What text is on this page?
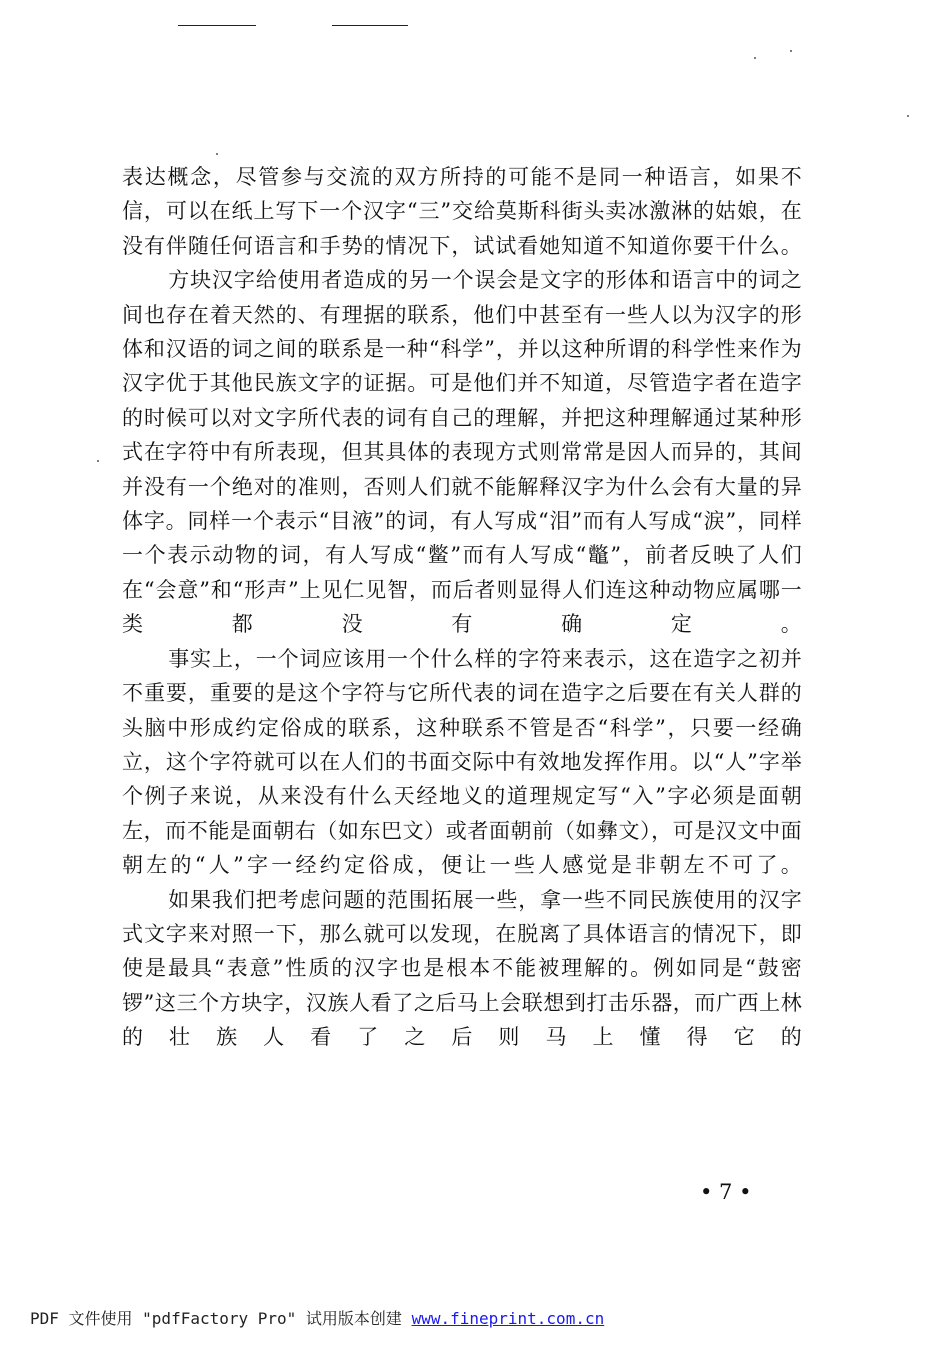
表达概念，尽管参与交流的双方所持的可能不是同一种语言，如果不信，可以在纸上写下一个汉字“三”交给莫斯科街头卖冰激淋的姑娘，在没有伴随任何语言和手势的情况下，试试看她知道不知道你要干什么。

方块汉字给使用者造成的另一个误会是文字的形体和语言中的词之间也存在着天然的、有理据的联系，他们中甚至有一些人以为汉字的形体和汉语的词之间的联系是一种“科学”，并以这种所谓的科学性来作为汉字优于其他民族文字的证据。可是他们并不知道，尽管造字者在造字的时候可以对文字所代表的词有自己的理解，并把这种理解通过某种形式在字符中有所表现，但其具体的表现方式则常常是因人而异的，其间并没有一个绝对的准则，否则人们就不能解释汉字为什么会有大量的异体字。同样一个表示“目液”的词，有人写成“泪”而有人写成“涙”，同样一个表示动物的词，有人写成“鳖”而有人写成“鼈”，前者反映了人们在“会意”和“形声”上见仁见智，而后者则显得人们连这种动物应属哪一类都没有确定。

事实上，一个词应该用一个什么样的字符来表示，这在造字之初并不重要，重要的是这个字符与它所代表的词在造字之后要在有关人群的头脑中形成约定俗成的联系，这种联系不管是否“科学”，只要一经确立，这个字符就可以在人们的书面交际中有效地发挥作用。以“人”字举个例子来说，从来没有什么天经地义的道理规定写“入”字必须是面朝左，而不能是面朝右（如东巴文）或者面朝前（如彝文），可是汉文中面朝左的“人”字一经约定俗成，便让一些人感觉是非朝左不可了。

如果我们把考虑问题的范围拓展一些，拿一些不同民族使用的汉字式文字来对照一下，那么就可以发现，在脱离了具体语言的情况下，即使是最具“表意”性质的汉字也是根本不能被理解的。例如同是“鼓密锣”这三个方块字，汉族人看了之后马上会联想到打击乐器，而广西上林的壮族人看了之后则马上懂得它的

• 7 •
PDF 文件使用 "pdfFactory Pro" 试用版本创建 www.fineprint.com.cn
